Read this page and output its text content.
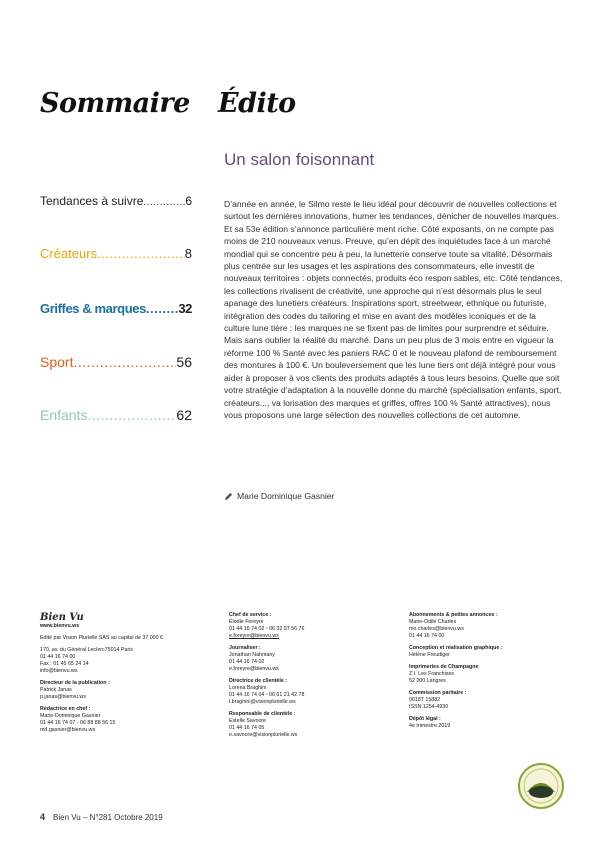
Sommaire Édito
Un salon foisonnant
Tendances à suivre .....	6
Créateurs .....	8
Griffes & marques ..... 32
Sport .....	56
Enfants .....	62

D’année en année, le Silmo reste le lieu idéal pour découvrir de nouvelles collections et surtout les dernières innovations, humer les tendances, dénicher de nouvelles marques. Et sa 53e édition s’annonce particulière ment riche. Côté exposants, on ne compte pas moins de 210 nouveaux venus. Preuve, qu’en dépit des inquiétudes face à un marché mondial qui se concentre peu à peu, la lunetterie conserve toute sa vitalité. Désormais plus centrée sur les usages et les aspirations des consommateurs, elle investit de nouveaux territoires : objets connectés, produits éco respon sables, etc. Côté tendances, les collections rivalisent de créativité, une approche qui n’est désormais plus le seul apanage des lunetiers créateurs. Inspirations sport, streetwear, ethnique ou futuriste, intégration des codes du tailoring et mise en avant des modèles iconiques et de la culture lune tière : les marques ne se fixent pas de limites pour surprendre et séduire. Mais sans oublier la réalité du marché. Dans un peu plus de 3 mois entre en vigueur la réforme 100 % Santé avec les paniers RAC 0 et le nouveau plafond de remboursement des montures à 100 €. Un bouleversement que les lune tiers ont déjà intégré pour vous aider à proposer à vos clients des produits adaptés à tous leurs besoins. Quelle que soit votre stratégie d’adaptation à la nouvelle donne du marché (spécialisation enfants, sport, créateurs..., va lorisation des marques et griffes, offres 100 % Santé attractives), nous vous proposons une large sélection des nouvelles collections de cet automne.

Marie Dominique Gasnier
Bien Vu
www.bienvu.ws
Edité par Vision Plurielle SAS au capital de 37 000 €
170, av. du Général Leclerc75014 Paris
01 44 16 74 00
Fax : 01 45 65 24 14
info@bienvu.ws
Directeur de la publication :
Patrick Janas
p.janas@bienvu.ws
Rédactrice en chef :
Marie-Dominique Gasnier
01 44 16 74 07 - 06 88 88 56 15
md.gasnier@bienvu.ws
Chef de service :
Élodie Foreyre
01 44 16 74 02 - 06 32 97 56 76
e.foreyre@bienvu.ws
Journaliser :
Jonathan Nahmany
01 44 16 74 02
e.foreyre@bienvu.ws
Directrice de clientèle :
Lorena Braghini
01 44 16 74 04 - 06 61 21 42 78
l.braghini@visionplurielle.ws
Responsable de clientèle :
Estelle Savoore
01 44 16 74 05
e.savoore@visionplurielle.ws
Abonnements & petites annonces :
Marie-Odile Charles
mo.charles@bienvu.ws
01 44 16 74 00
Conception et réalisation graphique :
Hélène Freudiger
Imprimeries de Champagne
Z.I. Les Franchises
52 200 Langres
Commission paritaire :
0618T 15882
ISSN 1254-4930
Dépôt légal :
4e trimestre 2019
4 Bien Vu – N°281 Octobre 2019
